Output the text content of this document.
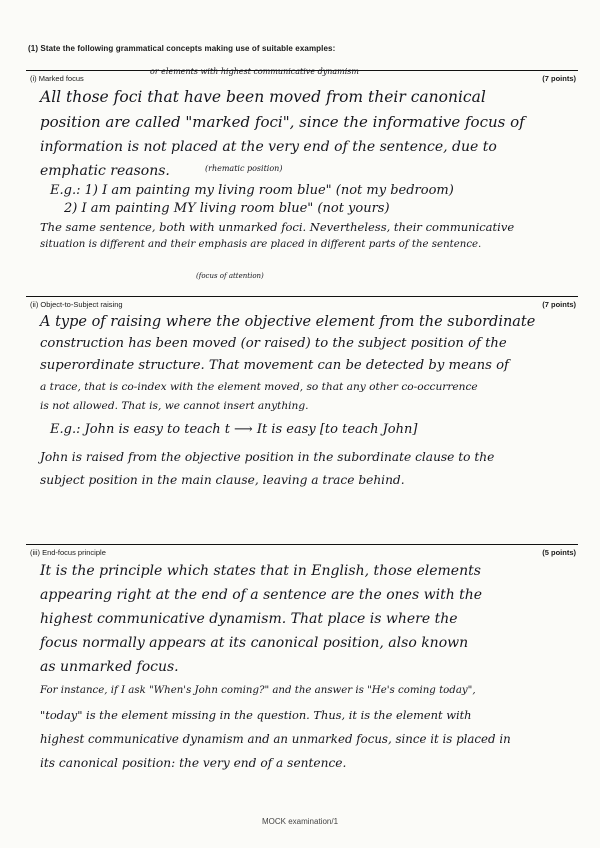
(1) State the following grammatical concepts making use of suitable examples:
(i) Marked focus	(7 points)

All those foci that have been moved from their canonical

position are called "marked foci", since the informative focus of

information is not placed at the very end of the sentence, due to

emphatic reasons.

E.g.: 1) I am painting my living room blue" (not my bedroom)

2) I am painting MY living room blue" (not yours)

The same sentence, both with unmarked foci. Nevertheless, their communicative

situation is different and their emphasis are placed in different parts of the sentence.

or elements with highest communicative dynamism
(rhematic position)
(focus of attention)
(ii) Object-to-Subject raising	(7 points)

A type of raising where the objective element from the subordinate

construction has been moved (or raised) to the subject position of the

superordinate structure. That movement can be detected by means of

a trace, that is co-index with the element moved, so that any other co-occurrence

is not allowed. That is, we cannot insert anything.

E.g.: John is easy to teach t ⟶ It is easy [to teach John]

John is raised from the objective position in the subordinate clause to the

subject position in the main clause, leaving a trace behind.

(iii) End-focus principle	(5 points)

It is the principle which states that in English, those elements

appearing right at the end of a sentence are the ones with the

highest communicative dynamism. That place is where the

focus normally appears at its canonical position, also known

as unmarked focus.

For instance, if I ask "When's John coming?" and the answer is "He's coming today",

"today" is the element missing in the question. Thus, it is the element with

highest communicative dynamism and an unmarked focus, since it is placed in

its canonical position: the very end of a sentence.

MOCK examination/1
